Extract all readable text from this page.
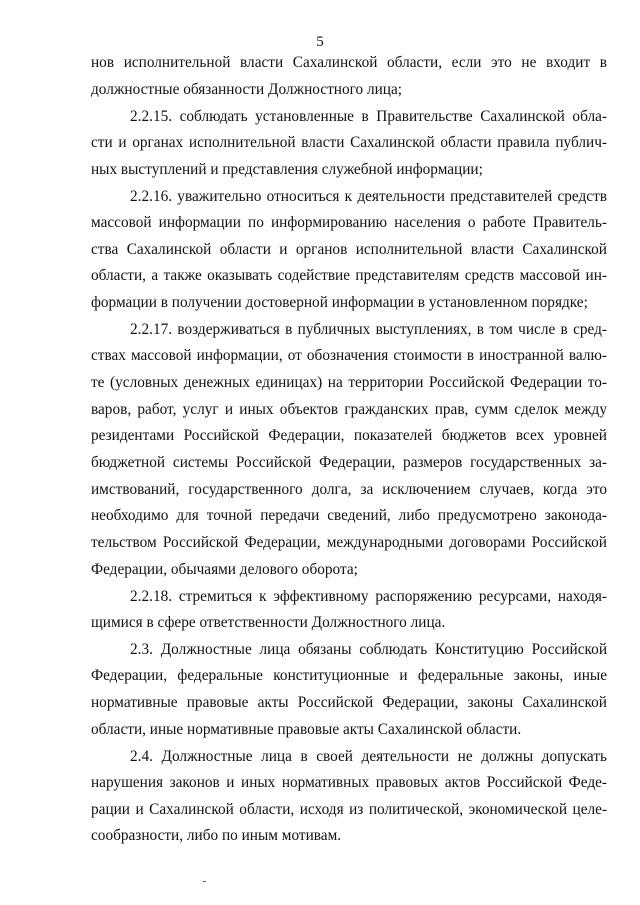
5
нов исполнительной власти Сахалинской области, если это не входит в
должностные обязанности Должностного лица;
2.2.15. соблюдать установленные в Правительстве Сахалинской обла-
сти и органах исполнительной власти Сахалинской области правила публич-
ных выступлений и представления служебной информации;
2.2.16. уважительно относиться к деятельности представителей средств
массовой информации по информированию населения о работе Правитель-
ства Сахалинской области и органов исполнительной власти Сахалинской
области, а также оказывать содействие представителям средств массовой ин-
формации в получении достоверной информации в установленном порядке;
2.2.17. воздерживаться в публичных выступлениях, в том числе в сред-
ствах массовой информации, от обозначения стоимости в иностранной валю-
те (условных денежных единицах) на территории Российской Федерации то-
варов, работ, услуг и иных объектов гражданских прав, сумм сделок между
резидентами Российской Федерации, показателей бюджетов всех уровней
бюджетной системы Российской Федерации, размеров государственных за-
имствований, государственного долга, за исключением случаев, когда это
необходимо для точной передачи сведений, либо предусмотрено законода-
тельством Российской Федерации, международными договорами Российской
Федерации, обычаями делового оборота;
2.2.18. стремиться к эффективному распоряжению ресурсами, находя-
щимися в сфере ответственности Должностного лица.
2.3. Должностные лица обязаны соблюдать Конституцию Российской
Федерации, федеральные конституционные и федеральные законы, иные
нормативные правовые акты Российской Федерации, законы Сахалинской
области, иные нормативные правовые акты Сахалинской области.
2.4. Должностные лица в своей деятельности не должны допускать
нарушения законов и иных нормативных правовых актов Российской Феде-
рации и Сахалинской области, исходя из политической, экономической целе-
сообразности, либо по иным мотивам.
